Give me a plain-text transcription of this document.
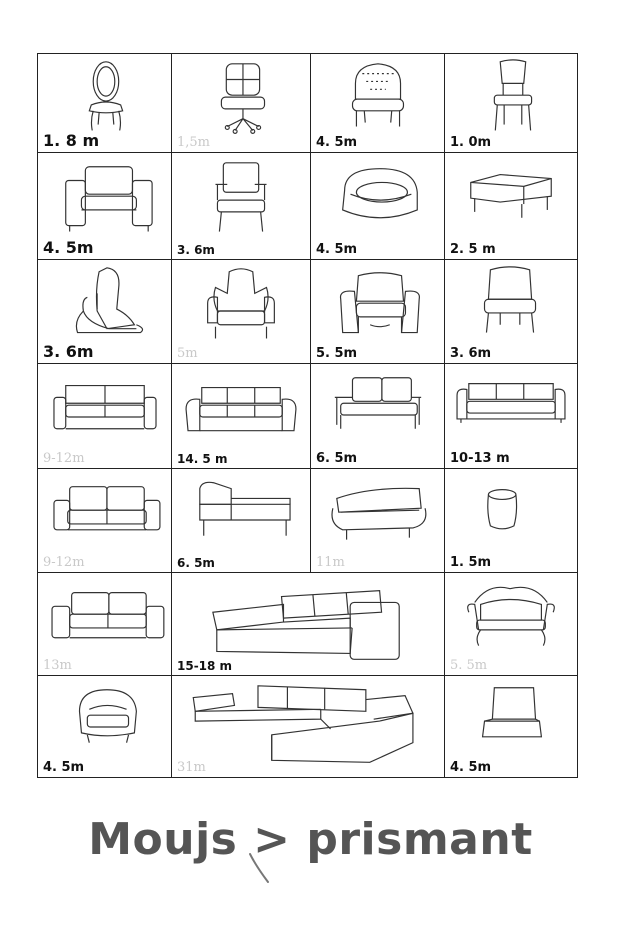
1. 8 m	1,5m	4. 5m	1. 0m
4. 5m	3. 6m	4. 5m	2. 5 m
3. 6m	5m	5. 5m	3. 6m
9-12m	14. 5 m	6. 5m	10-13 m
9-12m	6. 5m	11m	1. 5m
13m	15-18 m	5. 5m
4. 5m	31m	4. 5m
Moujs > prismant
